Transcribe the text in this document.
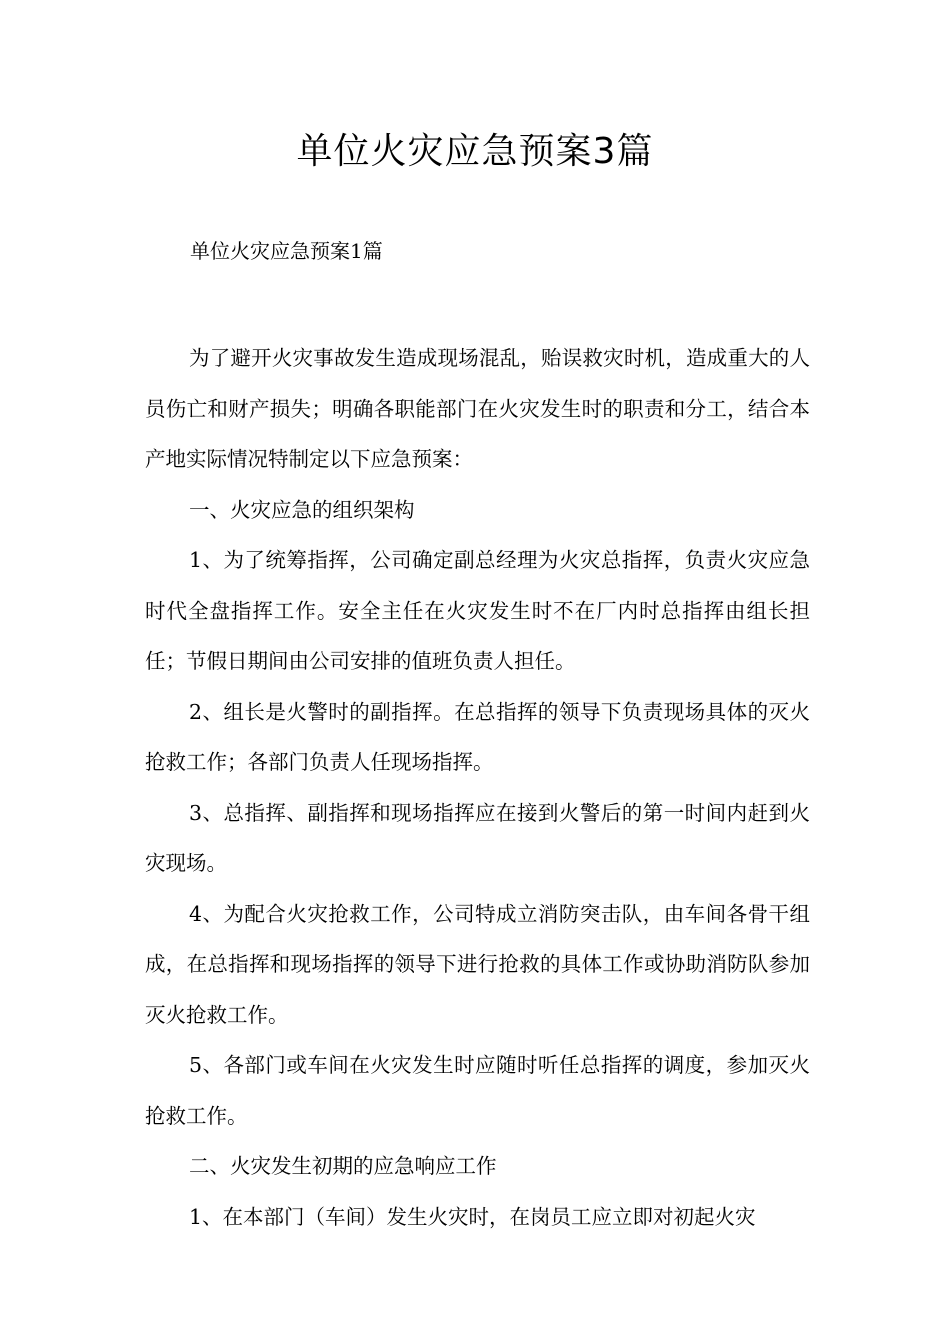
单位火灾应急预案3篇

单位火灾应急预案1篇

为了避开火灾事故发生造成现场混乱，贻误救灾时机，造成重大的人员伤亡和财产损失；明确各职能部门在火灾发生时的职责和分工，结合本产地实际情况特制定以下应急预案：

一、火灾应急的组织架构

1、为了统筹指挥，公司确定副总经理为火灾总指挥，负责火灾应急时代全盘指挥工作。安全主任在火灾发生时不在厂内时总指挥由组长担任；节假日期间由公司安排的值班负责人担任。

2、组长是火警时的副指挥。在总指挥的领导下负责现场具体的灭火抢救工作；各部门负责人任现场指挥。

3、总指挥、副指挥和现场指挥应在接到火警后的第一时间内赶到火灾现场。

4、为配合火灾抢救工作，公司特成立消防突击队，由车间各骨干组成，在总指挥和现场指挥的领导下进行抢救的具体工作或协助消防队参加灭火抢救工作。

5、各部门或车间在火灾发生时应随时听任总指挥的调度，参加灭火抢救工作。

二、火灾发生初期的应急响应工作

1、在本部门（车间）发生火灾时，在岗员工应立即对初起火灾
